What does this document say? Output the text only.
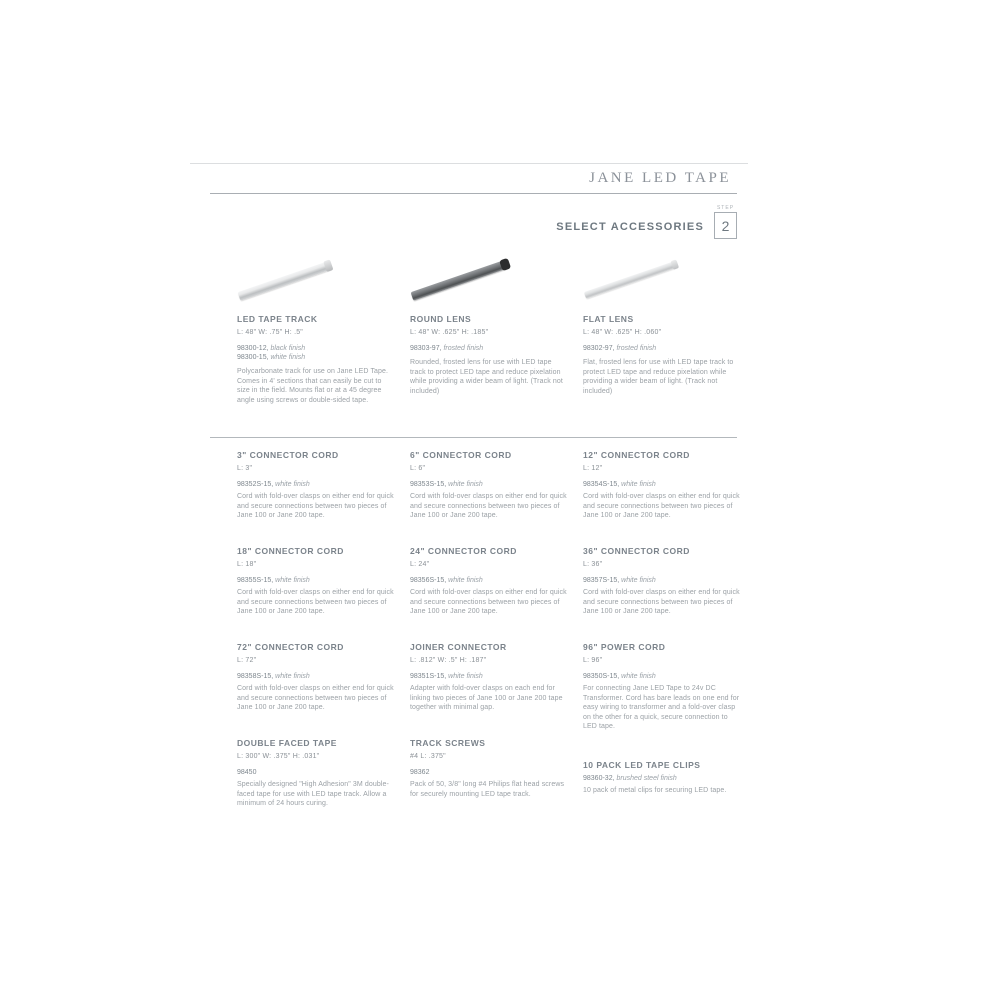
JANE LED TAPE
SELECT ACCESSORIES
STEP
2
LED TAPE TRACK
L: 48" W: .75" H: .5"
98300-12, black finish
98300-15, white finish

Polycarbonate track for use on Jane LED Tape. Comes in 4' sections that can easily be cut to size in the field. Mounts flat or at a 45 degree angle using screws or double-sided tape.

ROUND LENS
L: 48" W: .625" H: .185"
98303-97, frosted finish

Rounded, frosted lens for use with LED tape track to protect LED tape and reduce pixelation while providing a wider beam of light. (Track not included)

FLAT LENS
L: 48" W: .625" H: .060"
98302-97, frosted finish

Flat, frosted lens for use with LED tape track to protect LED tape and reduce pixelation while providing a wider beam of light. (Track not included)

3" CONNECTOR CORD
L: 3"
98352S-15, white finish

Cord with fold-over clasps on either end for quick and secure connections between two pieces of Jane 100 or Jane 200 tape.

18" CONNECTOR CORD
L: 18"
98355S-15, white finish

Cord with fold-over clasps on either end for quick and secure connections between two pieces of Jane 100 or Jane 200 tape.

72" CONNECTOR CORD
L: 72"
98358S-15, white finish

Cord with fold-over clasps on either end for quick and secure connections between two pieces of Jane 100 or Jane 200 tape.

DOUBLE FACED TAPE
L: 300" W: .375" H: .031"
98450

Specially designed "High Adhesion" 3M double-faced tape for use with LED tape track. Allow a minimum of 24 hours curing.

6" CONNECTOR CORD
L: 6"
98353S-15, white finish

Cord with fold-over clasps on either end for quick and secure connections between two pieces of Jane 100 or Jane 200 tape.

24" CONNECTOR CORD
L: 24"
98356S-15, white finish

Cord with fold-over clasps on either end for quick and secure connections between two pieces of Jane 100 or Jane 200 tape.

JOINER CONNECTOR
L: .812" W: .5" H: .187"
98351S-15, white finish

Adapter with fold-over clasps on each end for linking two pieces of Jane 100 or Jane 200 tape together with minimal gap.

TRACK SCREWS
#4 L: .375"
98362

Pack of 50, 3/8" long #4 Philips flat head screws for securely mounting LED tape track.

12" CONNECTOR CORD
L: 12"
98354S-15, white finish

Cord with fold-over clasps on either end for quick and secure connections between two pieces of Jane 100 or Jane 200 tape.

36" CONNECTOR CORD
L: 36"
98357S-15, white finish

Cord with fold-over clasps on either end for quick and secure connections between two pieces of Jane 100 or Jane 200 tape.

96" POWER CORD
L: 96"
98350S-15, white finish

For connecting Jane LED Tape to 24v DC Transformer. Cord has bare leads on one end for easy wiring to transformer and a fold-over clasp on the other for a quick, secure connection to LED tape.

10 PACK LED TAPE CLIPS
98360-32, brushed steel finish

10 pack of metal clips for securing LED tape.
